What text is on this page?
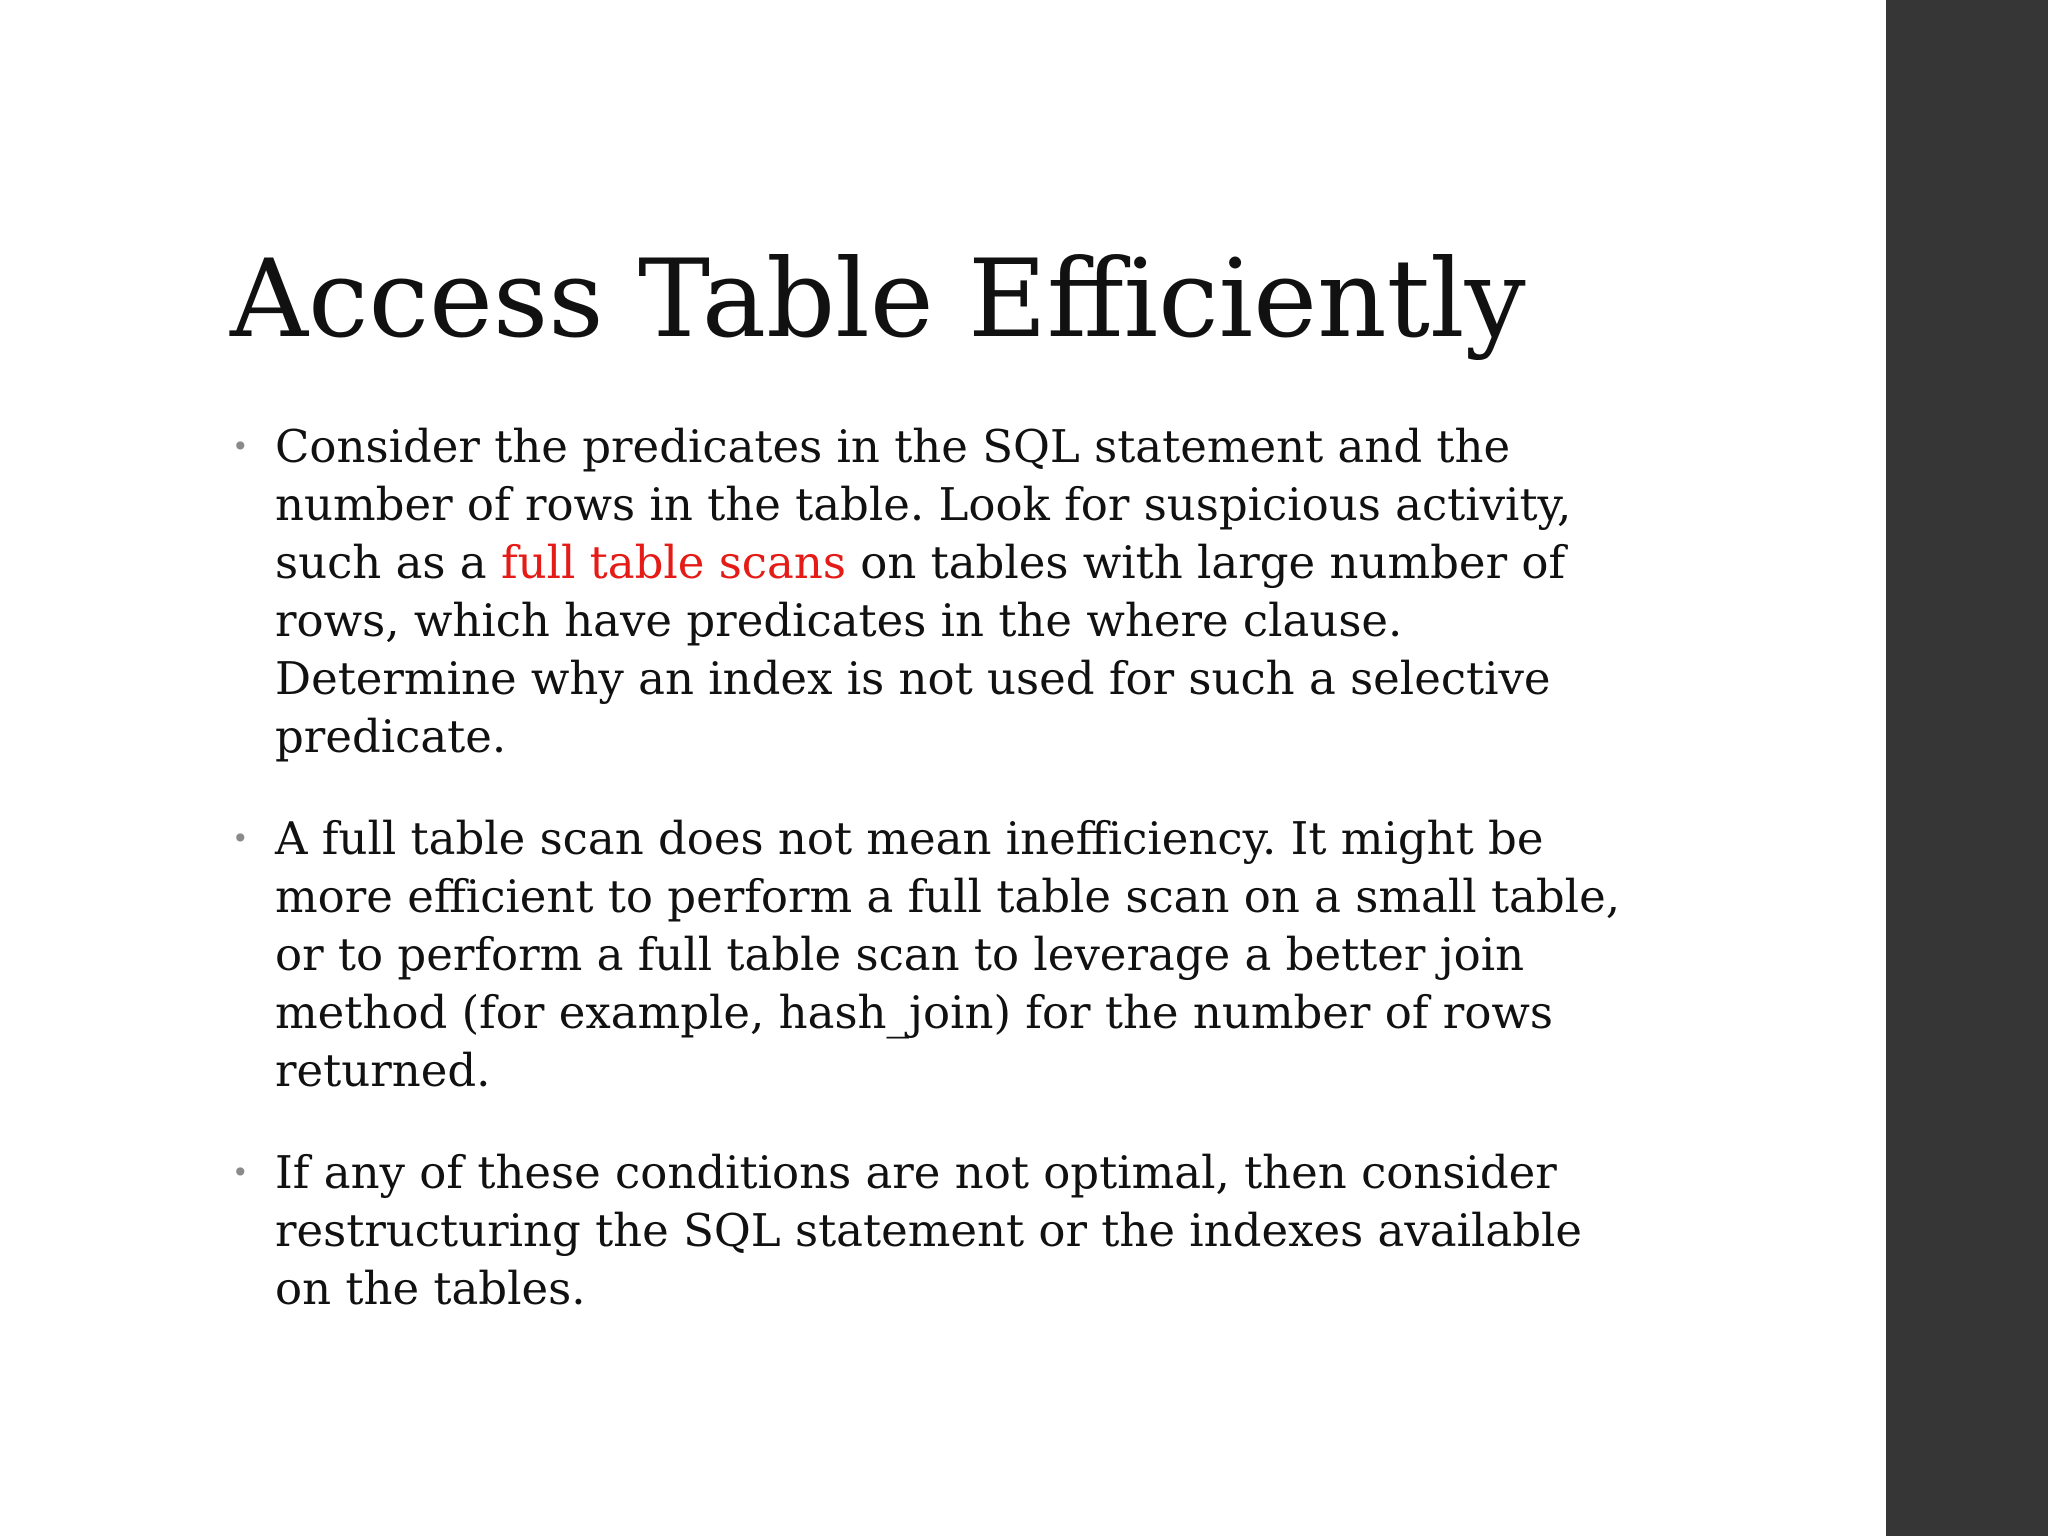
Access Table Efficiently
• Consider the predicates in the SQL statement and the number of rows in the table. Look for suspicious activity, such as a full table scans on tables with large number of rows, which have predicates in the where clause. Determine why an index is not used for such a selective predicate.
• A full table scan does not mean inefficiency. It might be more efficient to perform a full table scan on a small table, or to perform a full table scan to leverage a better join method (for example, hash_join) for the number of rows returned.
• If any of these conditions are not optimal, then consider restructuring the SQL statement or the indexes available on the tables.
